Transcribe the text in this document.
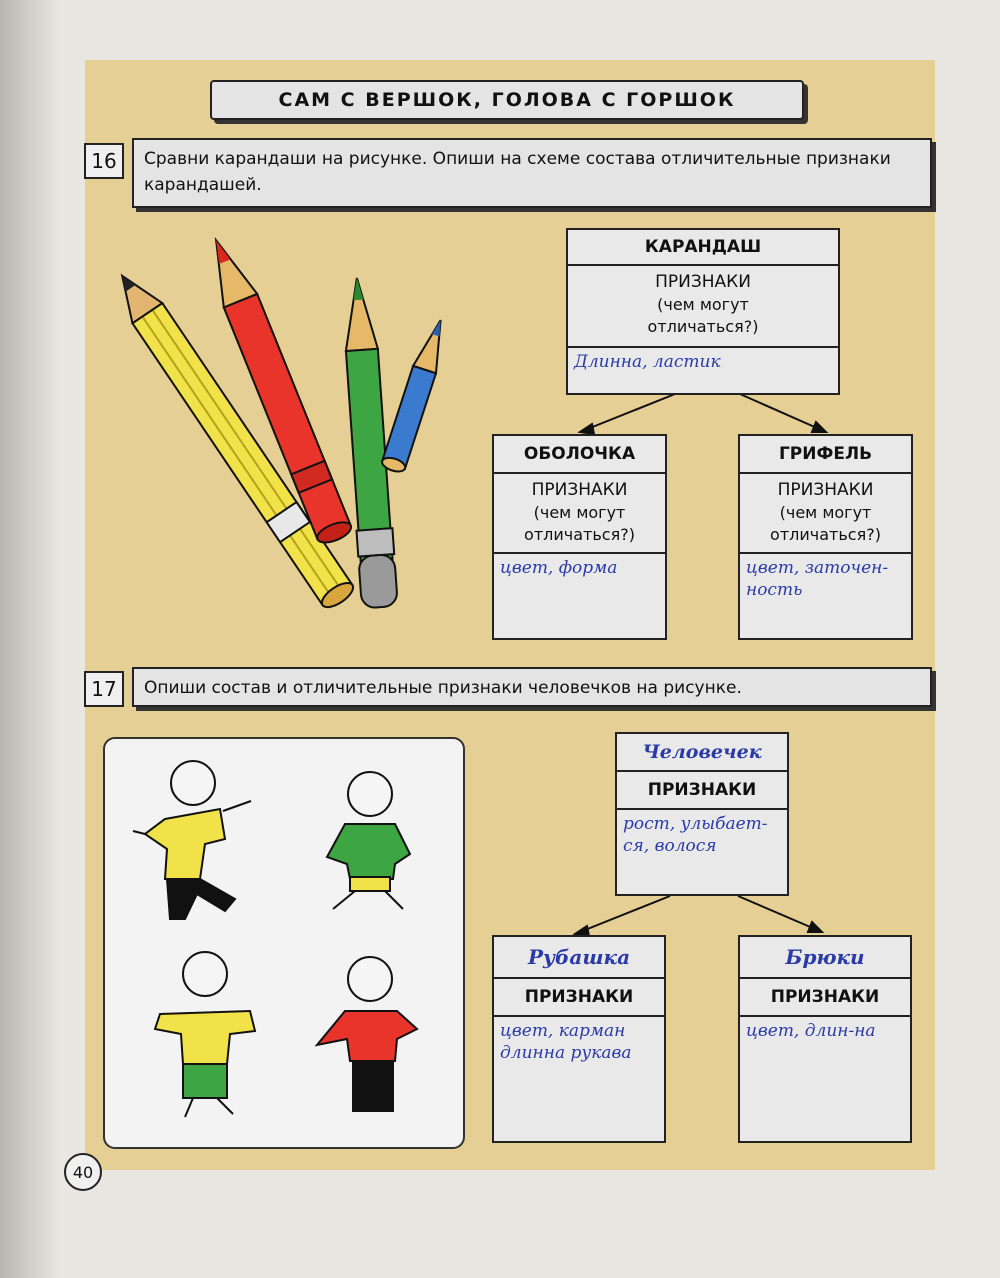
САМ С ВЕРШОК, ГОЛОВА С ГОРШОК
16	Сравни карандаши на рисунке. Опиши на схеме состава отличительные признаки карандашей.
КАРАНДАШ
ПРИЗНАКИ
(чем могут отличаться?)
Длинна, ластик
ОБОЛОЧКА
ПРИЗНАКИ
(чем могут отличаться?)
цвет, форма
ГРИФЕЛЬ
ПРИЗНАКИ
(чем могут отличаться?)
цвет, заточен-ность
17	Опиши состав и отличительные признаки человечков на рисунке.
Человечек
ПРИЗНАКИ
рост, улыбает-ся, волося
Рубашка
ПРИЗНАКИ
цвет, карман длинна рукава
Брюки
ПРИЗНАКИ
цвет, длин-на
40
